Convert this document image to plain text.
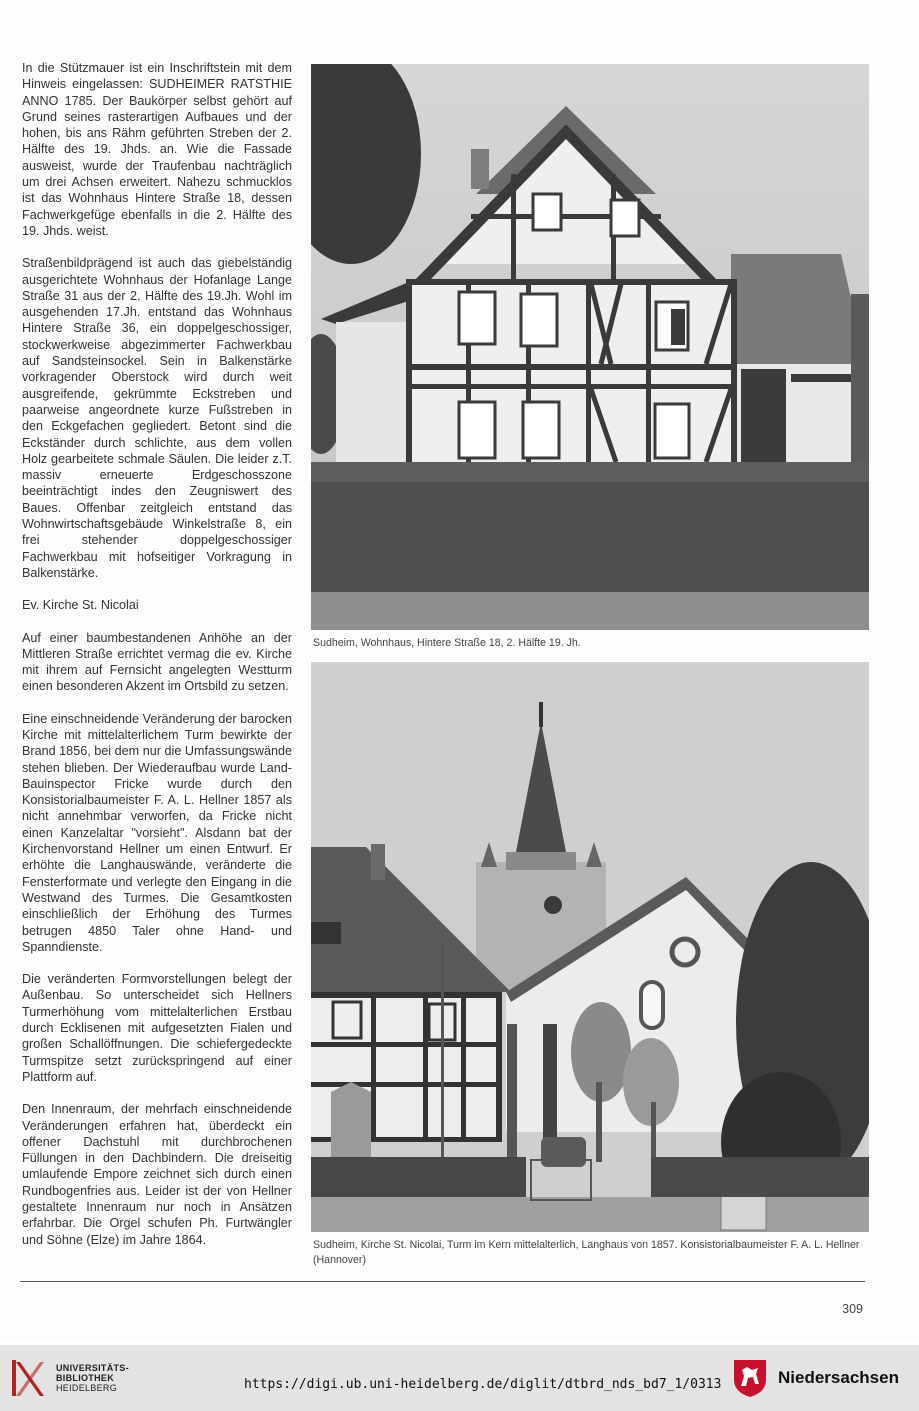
In die Stützmauer ist ein Inschriftstein mit dem Hinweis eingelassen: SUDHEIMER RATSTHIE ANNO 1785. Der Baukörper selbst gehört auf Grund seines rasterartigen Aufbaues und der hohen, bis ans Rähm geführten Streben der 2. Hälfte des 19. Jhds. an. Wie die Fassade ausweist, wurde der Traufenbau nachträglich um drei Achsen erweitert. Nahezu schmucklos ist das Wohnhaus Hintere Straße 18, dessen Fachwerkgefüge ebenfalls in die 2. Hälfte des 19. Jhds. weist.

Straßenbildprägend ist auch das giebelständig ausgerichtete Wohnhaus der Hofanlage Lange Straße 31 aus der 2. Hälfte des 19.Jh. Wohl im ausgehenden 17.Jh. entstand das Wohnhaus Hintere Straße 36, ein doppelgeschossiger, stockwerkweise abgezimmerter Fachwerkbau auf Sandsteinsockel. Sein in Balkenstärke vorkragender Oberstock wird durch weit ausgreifende, gekrümmte Eckstreben und paarweise angeordnete kurze Fußstreben in den Eckgefachen gegliedert. Betont sind die Eckständer durch schlichte, aus dem vollen Holz gearbeitete schmale Säulen. Die leider z.T. massiv erneuerte Erdgeschosszone beeinträchtigt indes den Zeugniswert des Baues. Offenbar zeitgleich entstand das Wohnwirtschaftsgebäude Winkelstraße 8, ein frei stehender doppelgeschossiger Fachwerkbau mit hofseitiger Vorkragung in Balkenstärke.

Ev. Kirche St. Nicolai

Auf einer baumbestandenen Anhöhe an der Mittleren Straße errichtet vermag die ev. Kirche mit ihrem auf Fernsicht angelegten Westturm einen besonderen Akzent im Ortsbild zu setzen.

Eine einschneidende Veränderung der barocken Kirche mit mittelalterlichem Turm bewirkte der Brand 1856, bei dem nur die Umfassungswände stehen blieben. Der Wiederaufbau wurde Land- Bauinspector Fricke wurde durch den Konsistorialbaumeister F. A. L. Hellner 1857 als nicht annehmbar verworfen, da Fricke nicht einen Kanzelaltar "vorsieht". Alsdann bat der Kirchenvorstand Hellner um einen Entwurf. Er erhöhte die Langhauswände, veränderte die Fensterformate und verlegte den Eingang in die Westwand des Turmes. Die Gesamtkosten einschließlich der Erhöhung des Turmes betrugen 4850 Taler ohne Hand- und Spanndienste.

Die veränderten Formvorstellungen belegt der Außenbau. So unterscheidet sich Hellners Turmerhöhung vom mittelalterlichen Erstbau durch Ecklisenen mit aufgesetzten Fialen und großen Schallöffnungen. Die schiefergedeckte Turmspitze setzt zurückspringend auf einer Plattform auf.

Den Innenraum, der mehrfach einschneidende Veränderungen erfahren hat, überdeckt ein offener Dachstuhl mit durchbrochenen Füllungen in den Dachbindern. Die dreiseitig umlaufende Empore zeichnet sich durch einen Rundbogenfries aus. Leider ist der von Hellner gestaltete Innenraum nur noch in Ansätzen erfahrbar. Die Orgel schufen Ph. Furtwängler und Söhne (Elze) im Jahre 1864.

Sudheim, Wohnhaus, Hintere Straße 18, 2. Hälfte 19. Jh.
Sudheim, Kirche St. Nicolai, Turm im Kern mittelalterlich, Langhaus von 1857. Konsistorialbaumeister F. A. L. Hellner (Hannover)
309
UNIVERSITÄTS-
BIBLIOTHEK
HEIDELBERG	https://digi.ub.uni-heidelberg.de/diglit/dtbrd_nds_bd7_1/0313	Niedersachsen
